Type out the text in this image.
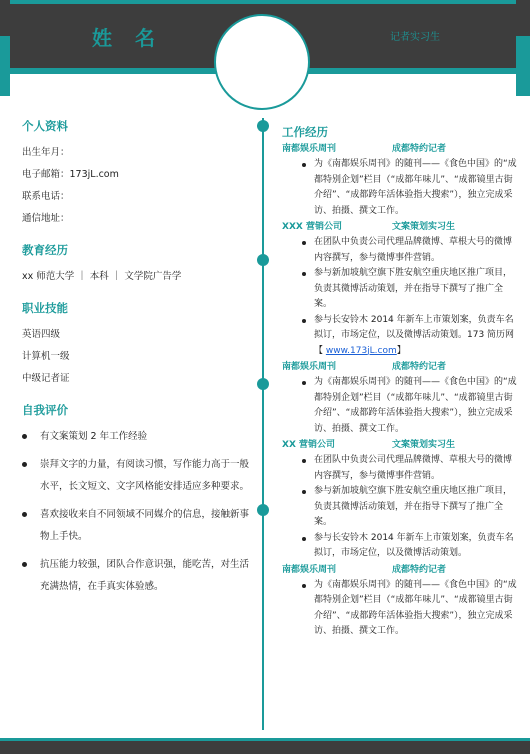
姓 名	记者实习生
个人资料
出生年月：
电子邮箱：173jL.com
联系电话：
通信地址：
教育经历
xx 师范大学 ｜ 本科 ｜ 文学院广告学
职业技能
英语四级
计算机一级
中级记者证
自我评价
有文案策划 2 年工作经验
崇拜文字的力量，有阅读习惯，写作能力高于一般水平，长文短文、文字风格能安排适应多种要求。
喜欢接收来自不同领域不同媒介的信息，接触新事物上手快。
抗压能力较强，团队合作意识强，能吃苦，对生活充满热情，在手真实体验感。
工作经历
南都娱乐周刊	成都特约记者
为《南都娱乐周刊》的随刊——《食色中国》的“成都特别企划”栏目（“成都年味儿”、“成都镜里古街介绍”、“成都跨年活体验指大搜索”），独立完成采访、拍摄、撰文工作。
XXX 营销公司	文案策划实习生
在团队中负责公司代理品牌微博、草根大号的微博内容撰写，参与微博事件营销。
参与新加坡航空旗下胜安航空重庆地区推广项目，负责其微博活动策划，并在指导下撰写了推广全案。
参与长安铃木 2014 年新车上市策划案，负责车名拟订，市场定位，以及微博活动策划。173 简历网【 www.173jL.com】
南都娱乐周刊	成都特约记者
为《南都娱乐周刊》的随刊——《食色中国》的“成都特别企划”栏目（“成都年味儿”、“成都镜里古街介绍”、“成都跨年活体验指大搜索”），独立完成采访、拍摄、撰文工作。
XX 营销公司	文案策划实习生
在团队中负责公司代理品牌微博、草根大号的微博内容撰写，参与微博事件营销。
参与新加坡航空旗下胜安航空重庆地区推广项目，负责其微博活动策划，并在指导下撰写了推广全案。
参与长安铃木 2014 年新车上市策划案，负责车名拟订，市场定位，以及微博活动策划。
南都娱乐周刊	成都特约记者
为《南都娱乐周刊》的随刊——《食色中国》的“成都特别企划”栏目（“成都年味儿”、“成都镜里古街介绍”、“成都跨年活体验指大搜索”），独立完成采访、拍摄、撰文工作。
